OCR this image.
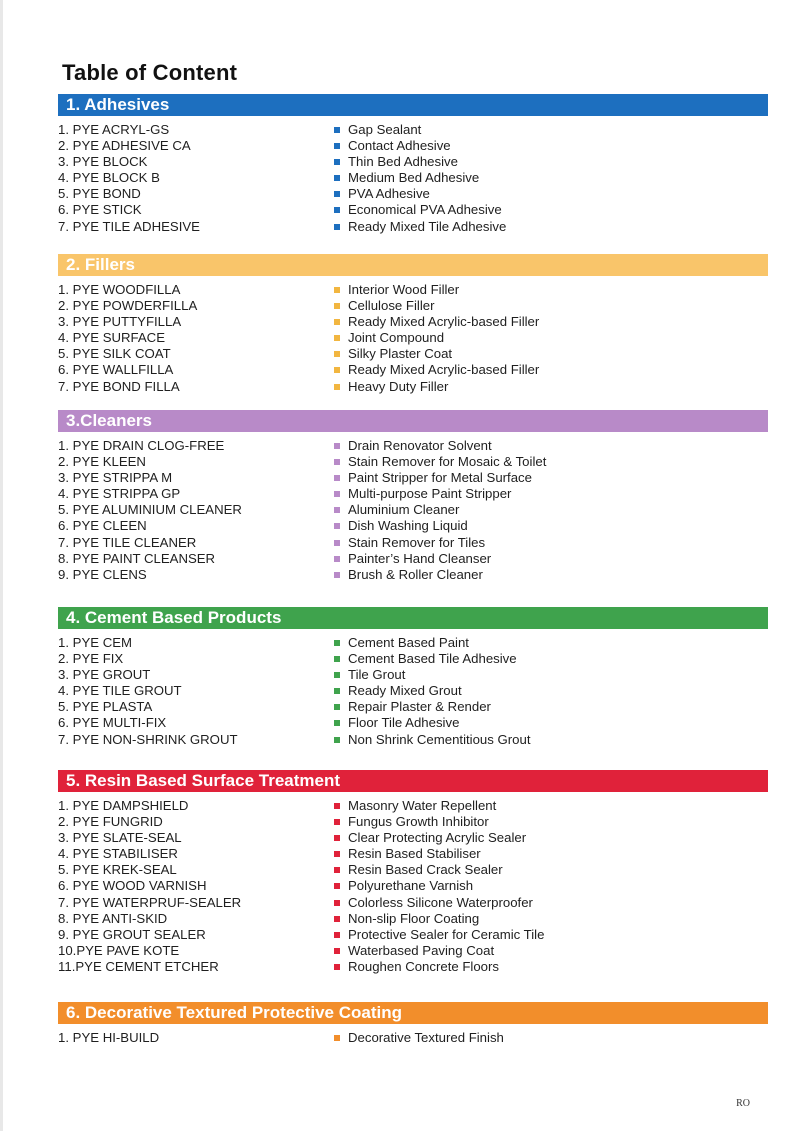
Table of Content
1. Adhesives
1. PYE ACRYL-GS	Gap Sealant
2. PYE ADHESIVE CA	Contact Adhesive
3. PYE BLOCK	Thin Bed Adhesive
4. PYE BLOCK B	Medium Bed Adhesive
5. PYE BOND	PVA Adhesive
6. PYE STICK	Economical PVA Adhesive
7. PYE TILE ADHESIVE	Ready Mixed Tile Adhesive
2. Fillers
1. PYE WOODFILLA	Interior Wood Filler
2. PYE POWDERFILLA	Cellulose Filler
3. PYE PUTTYFILLA	Ready Mixed Acrylic-based Filler
4. PYE SURFACE	Joint Compound
5. PYE SILK COAT	Silky Plaster Coat
6. PYE WALLFILLA	Ready Mixed Acrylic-based Filler
7. PYE BOND FILLA	Heavy Duty Filler
3.Cleaners
1. PYE DRAIN CLOG-FREE	Drain Renovator Solvent
2. PYE KLEEN	Stain Remover for Mosaic & Toilet
3. PYE STRIPPA M	Paint Stripper for Metal Surface
4. PYE STRIPPA GP	Multi-purpose Paint Stripper
5. PYE ALUMINIUM CLEANER	Aluminium Cleaner
6. PYE CLEEN	Dish Washing Liquid
7. PYE TILE CLEANER	Stain Remover for Tiles
8. PYE PAINT CLEANSER	Painter’s Hand Cleanser
9. PYE CLENS	Brush & Roller Cleaner
4. Cement Based Products
1. PYE CEM	Cement Based Paint
2. PYE FIX	Cement Based Tile Adhesive
3. PYE GROUT	Tile Grout
4. PYE TILE GROUT	Ready Mixed Grout
5. PYE PLASTA	Repair Plaster & Render
6. PYE MULTI-FIX	Floor Tile Adhesive
7. PYE NON-SHRINK GROUT	Non Shrink Cementitious Grout
5. Resin Based Surface Treatment
1. PYE DAMPSHIELD	Masonry Water Repellent
2. PYE FUNGRID	Fungus Growth Inhibitor
3. PYE SLATE-SEAL	Clear Protecting Acrylic Sealer
4. PYE STABILISER	Resin Based Stabiliser
5. PYE KREK-SEAL	Resin Based Crack Sealer
6. PYE WOOD VARNISH	Polyurethane Varnish
7. PYE WATERPRUF-SEALER	Colorless Silicone Waterproofer
8. PYE ANTI-SKID	Non-slip Floor Coating
9. PYE GROUT SEALER	Protective Sealer for Ceramic Tile
10.PYE PAVE KOTE	Waterbased Paving Coat
11.PYE CEMENT ETCHER	Roughen Concrete Floors
6. Decorative Textured Protective Coating
1. PYE HI-BUILD	Decorative Textured Finish
RO
